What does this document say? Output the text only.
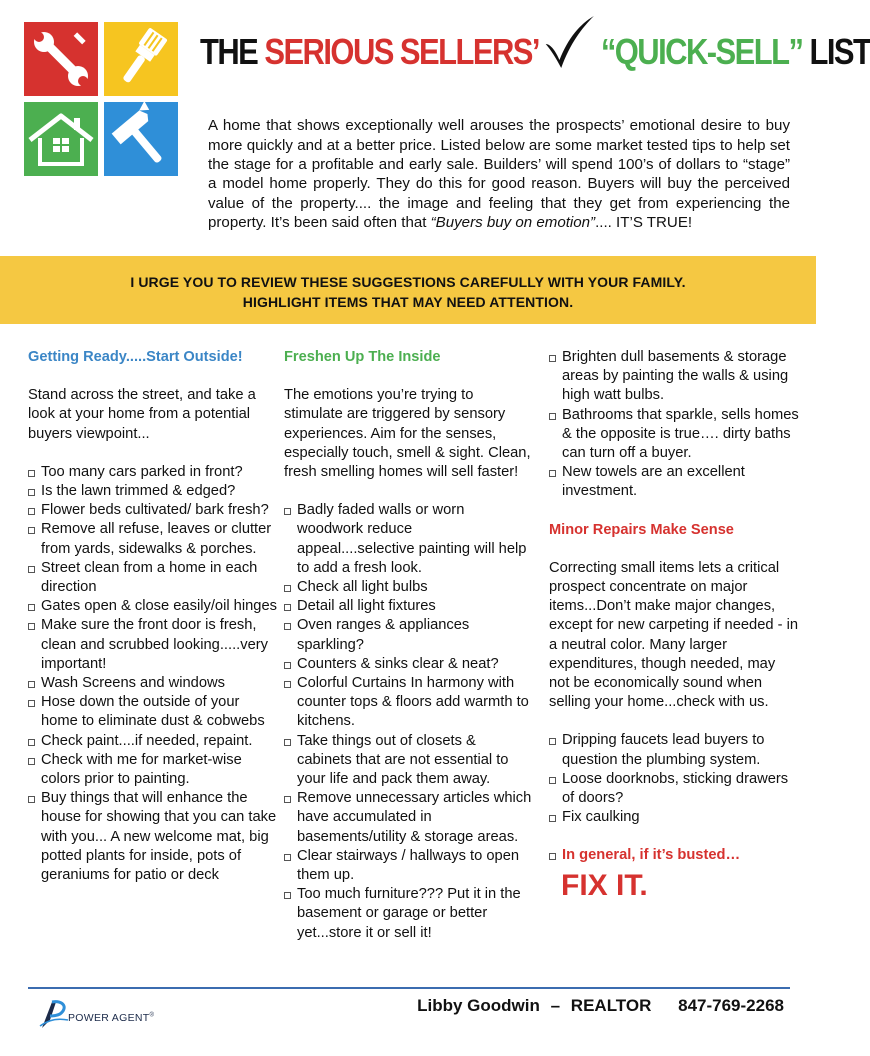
THE SERIOUS SELLERS’ “QUICK-SELL” LIST

A home that shows exceptionally well arouses the prospects’ emotional desire to buy more quickly and at a better price. Listed below are some market tested tips to help set the stage for a profitable and early sale. Builders’ will spend 100’s of dollars to “stage” a model home properly. They do this for good reason. Buyers will buy the perceived value of the property.... the image and feeling that they get from experiencing the property. It’s been said often that “Buyers buy on emotion”.... IT’S TRUE!

I URGE YOU TO REVIEW THESE SUGGESTIONS CAREFULLY WITH YOUR FAMILY.
HIGHLIGHT ITEMS THAT MAY NEED ATTENTION.

Getting Ready.....Start Outside!

Stand across the street, and take a look at your home from a potential buyers viewpoint...

Too many cars parked in front?
Is the lawn trimmed & edged?
Flower beds cultivated/ bark fresh?
Remove all refuse, leaves or clutter from yards, sidewalks & porches.
Street clean from a home in each direction
Gates open & close easily/oil hinges
Make sure the front door is fresh, clean and scrubbed looking.....very important!
Wash Screens and windows
Hose down the outside of your home to eliminate dust & cobwebs
Check paint....if needed, repaint.
Check with me for market-wise colors prior to painting.
Buy things that will enhance the house for showing that you can take with you... A new welcome mat, big potted plants for inside, pots of geraniums for patio or deck

Freshen Up The Inside

The emotions you’re trying to stimulate are triggered by sensory experiences. Aim for the senses, especially touch, smell & sight. Clean, fresh smelling homes will sell faster!

Badly faded walls or worn woodwork reduce appeal....selective painting will help to add a fresh look.
Check all light bulbs
Detail all light fixtures
Oven ranges & appliances sparkling?
Counters & sinks clear & neat?
Colorful Curtains In harmony with counter tops & floors add warmth to kitchens.
Take things out of closets & cabinets that are not essential to your life and pack them away.
Remove unnecessary articles which have accumulated in basements/utility & storage areas.
Clear stairways / hallways to open them up.
Too much furniture??? Put it in the basement or garage or better yet...store it or sell it!
Brighten dull basements & storage areas by painting the walls & using high watt bulbs.
Bathrooms that sparkle, sells homes & the opposite is true…. dirty baths can turn off a buyer.
New towels are an excellent investment.

Minor Repairs Make Sense

Correcting small items lets a critical prospect concentrate on major items...Don’t make major changes, except for new carpeting if needed - in a neutral color. Many larger expenditures, though needed, may not be economically sound when selling your home...check with us.

Dripping faucets lead buyers to question the plumbing system.
Loose doorknobs, sticking drawers of doors?
Fix caulking
In general, if it’s busted…
FIX IT.
POWER AGENT®
Libby Goodwin – REALTOR 847-769-2268
